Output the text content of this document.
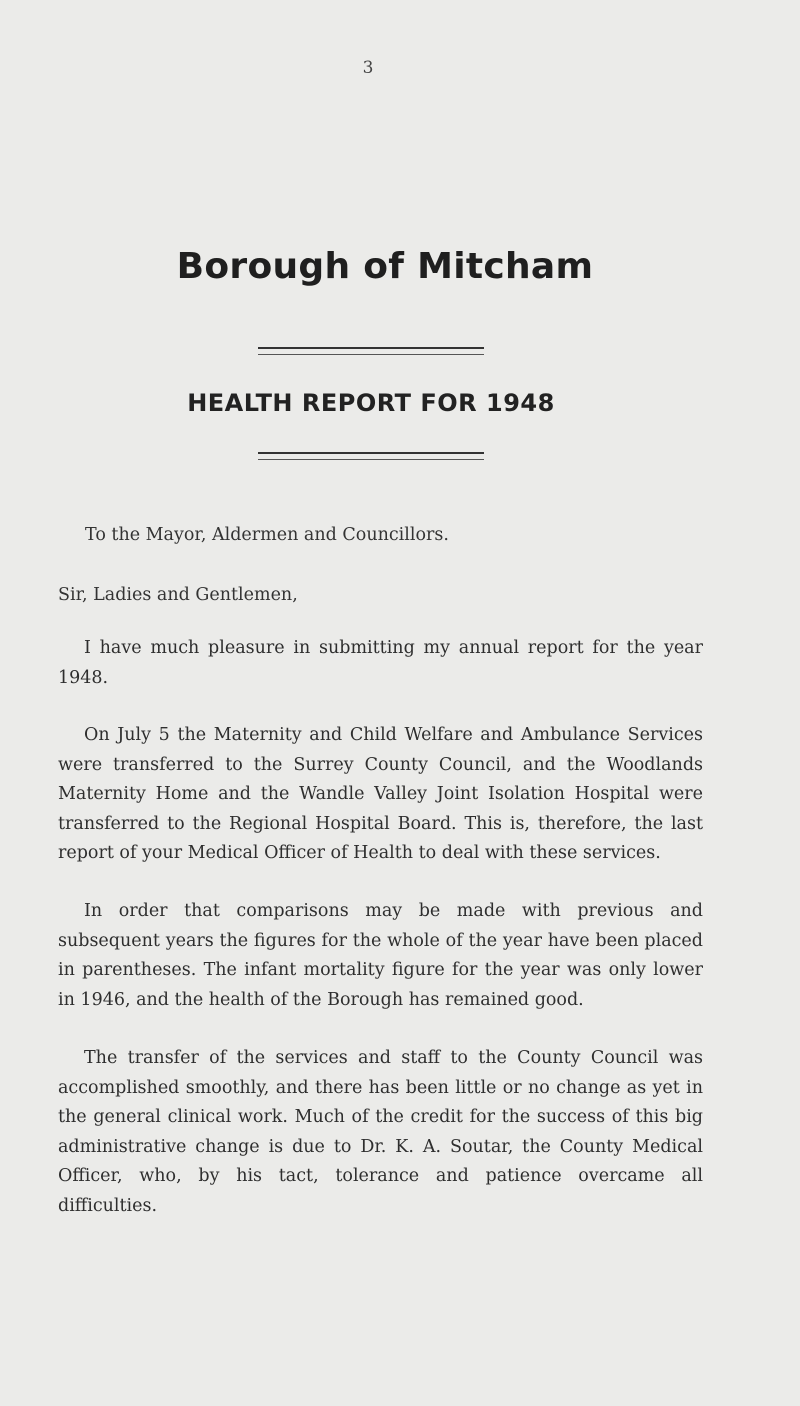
3
Borough of Mitcham
HEALTH REPORT FOR 1948
To the Mayor, Aldermen and Councillors.
Sir, Ladies and Gentlemen,

I have much pleasure in submitting my annual report for the year 1948.

On July 5 the Maternity and Child Welfare and Ambulance Services were transferred to the Surrey County Council, and the Woodlands Maternity Home and the Wandle Valley Joint Isolation Hospital were transferred to the Regional Hospital Board. This is, therefore, the last report of your Medical Officer of Health to deal with these services.

In order that comparisons may be made with previous and subsequent years the figures for the whole of the year have been placed in parentheses. The infant mortality figure for the year was only lower in 1946, and the health of the Borough has remained good.

The transfer of the services and staff to the County Council was accomplished smoothly, and there has been little or no change as yet in the general clinical work. Much of the credit for the success of this big administrative change is due to Dr. K. A. Soutar, the County Medical Officer, who, by his tact, tolerance and patience overcame all difficulties.
